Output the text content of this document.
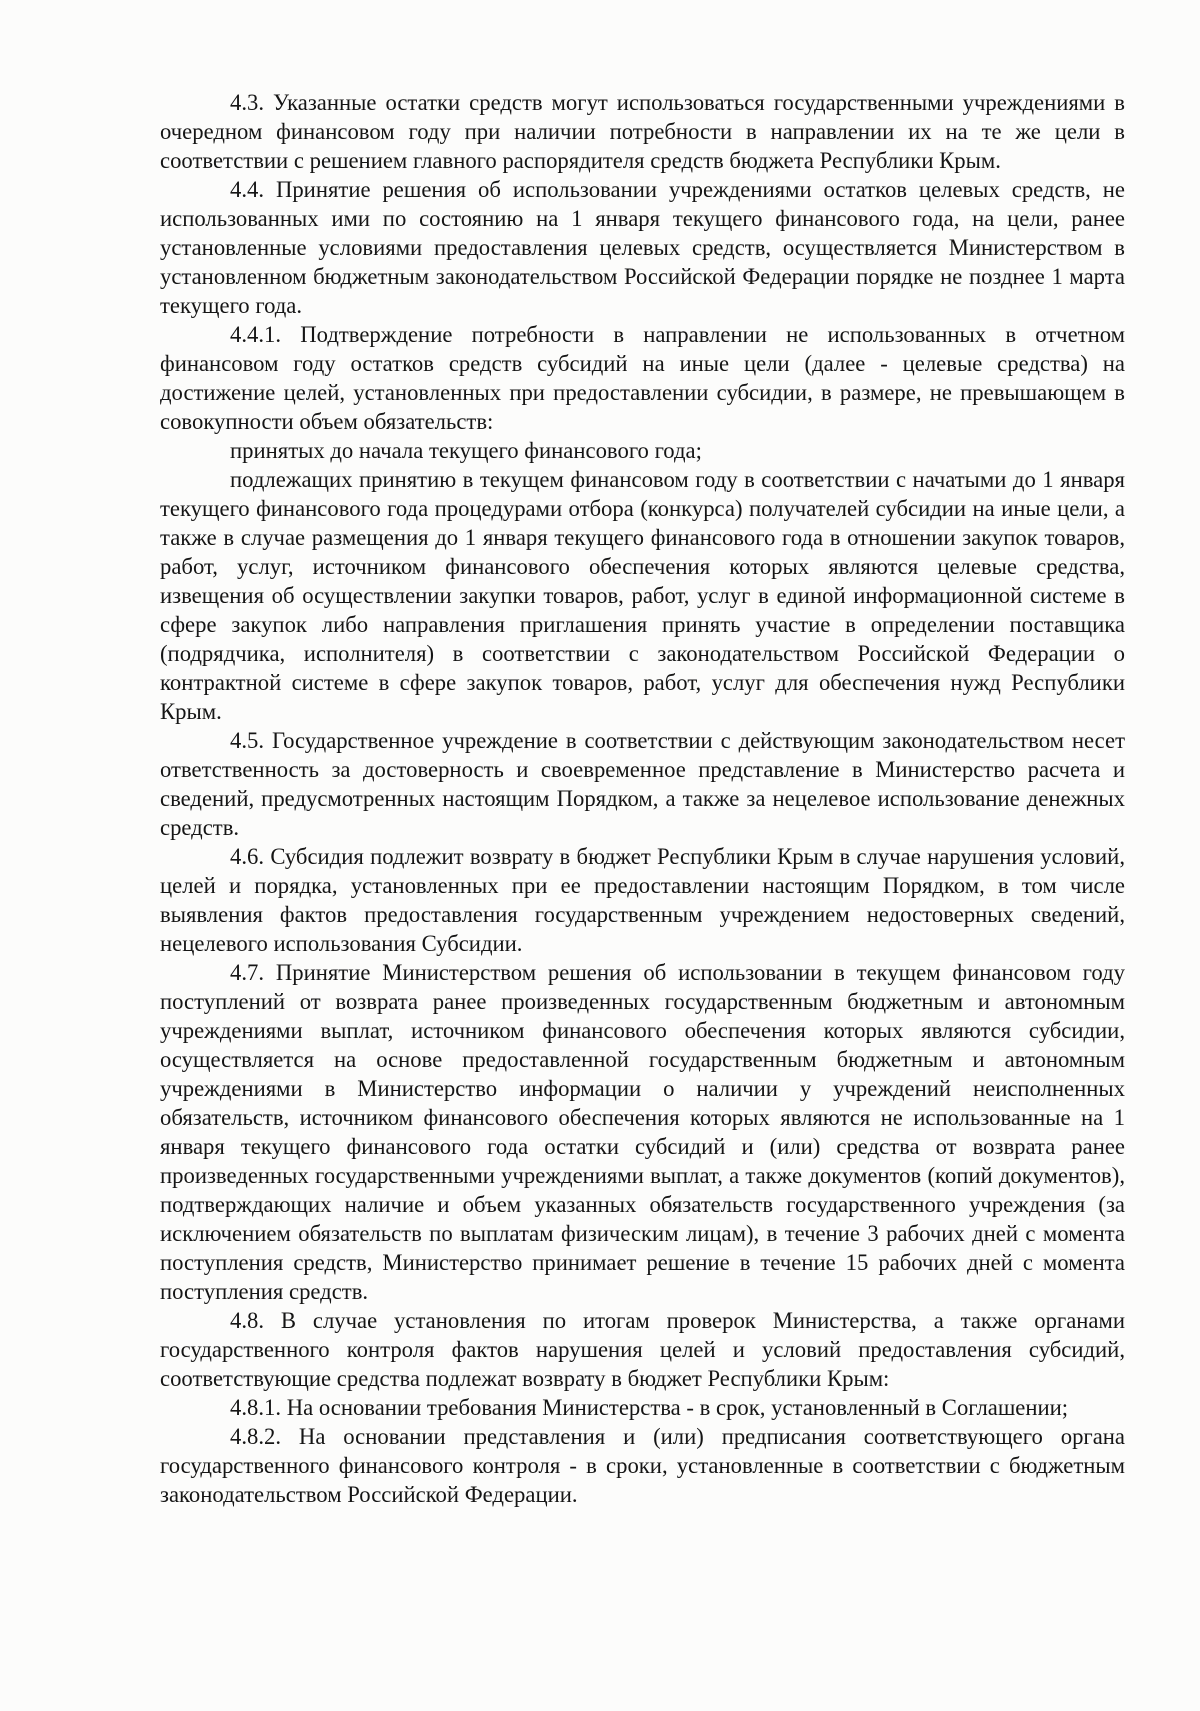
4.3. Указанные остатки средств могут использоваться государственными учреждениями в очередном финансовом году при наличии потребности в направлении их на те же цели в соответствии с решением главного распорядителя средств бюджета Республики Крым.

4.4. Принятие решения об использовании учреждениями остатков целевых средств, не использованных ими по состоянию на 1 января текущего финансового года, на цели, ранее установленные условиями предоставления целевых средств, осуществляется Министерством в установленном бюджетным законодательством Российской Федерации порядке не позднее 1 марта текущего года.

4.4.1. Подтверждение потребности в направлении не использованных в отчетном финансовом году остатков средств субсидий на иные цели (далее - целевые средства) на достижение целей, установленных при предоставлении субсидии, в размере, не превышающем в совокупности объем обязательств:

принятых до начала текущего финансового года;

подлежащих принятию в текущем финансовом году в соответствии с начатыми до 1 января текущего финансового года процедурами отбора (конкурса) получателей субсидии на иные цели, а также в случае размещения до 1 января текущего финансового года в отношении закупок товаров, работ, услуг, источником финансового обеспечения которых являются целевые средства, извещения об осуществлении закупки товаров, работ, услуг в единой информационной системе в сфере закупок либо направления приглашения принять участие в определении поставщика (подрядчика, исполнителя) в соответствии с законодательством Российской Федерации о контрактной системе в сфере закупок товаров, работ, услуг для обеспечения нужд Республики Крым.

4.5. Государственное учреждение в соответствии с действующим законодательством несет ответственность за достоверность и своевременное представление в Министерство расчета и сведений, предусмотренных настоящим Порядком, а также за нецелевое использование денежных средств.

4.6. Субсидия подлежит возврату в бюджет Республики Крым в случае нарушения условий, целей и порядка, установленных при ее предоставлении настоящим Порядком, в том числе выявления фактов предоставления государственным учреждением недостоверных сведений, нецелевого использования Субсидии.

4.7. Принятие Министерством решения об использовании в текущем финансовом году поступлений от возврата ранее произведенных государственным бюджетным и автономным учреждениями выплат, источником финансового обеспечения которых являются субсидии, осуществляется на основе предоставленной государственным бюджетным и автономным учреждениями в Министерство информации о наличии у учреждений неисполненных обязательств, источником финансового обеспечения которых являются не использованные на 1 января текущего финансового года остатки субсидий и (или) средства от возврата ранее произведенных государственными учреждениями выплат, а также документов (копий документов), подтверждающих наличие и объем указанных обязательств государственного учреждения (за исключением обязательств по выплатам физическим лицам), в течение 3 рабочих дней с момента поступления средств, Министерство принимает решение в течение 15 рабочих дней с момента поступления средств.

4.8. В случае установления по итогам проверок Министерства, а также органами государственного контроля фактов нарушения целей и условий предоставления субсидий, соответствующие средства подлежат возврату в бюджет Республики Крым:

4.8.1. На основании требования Министерства - в срок, установленный в Соглашении;

4.8.2. На основании представления и (или) предписания соответствующего органа государственного финансового контроля - в сроки, установленные в соответствии с бюджетным законодательством Российской Федерации.
